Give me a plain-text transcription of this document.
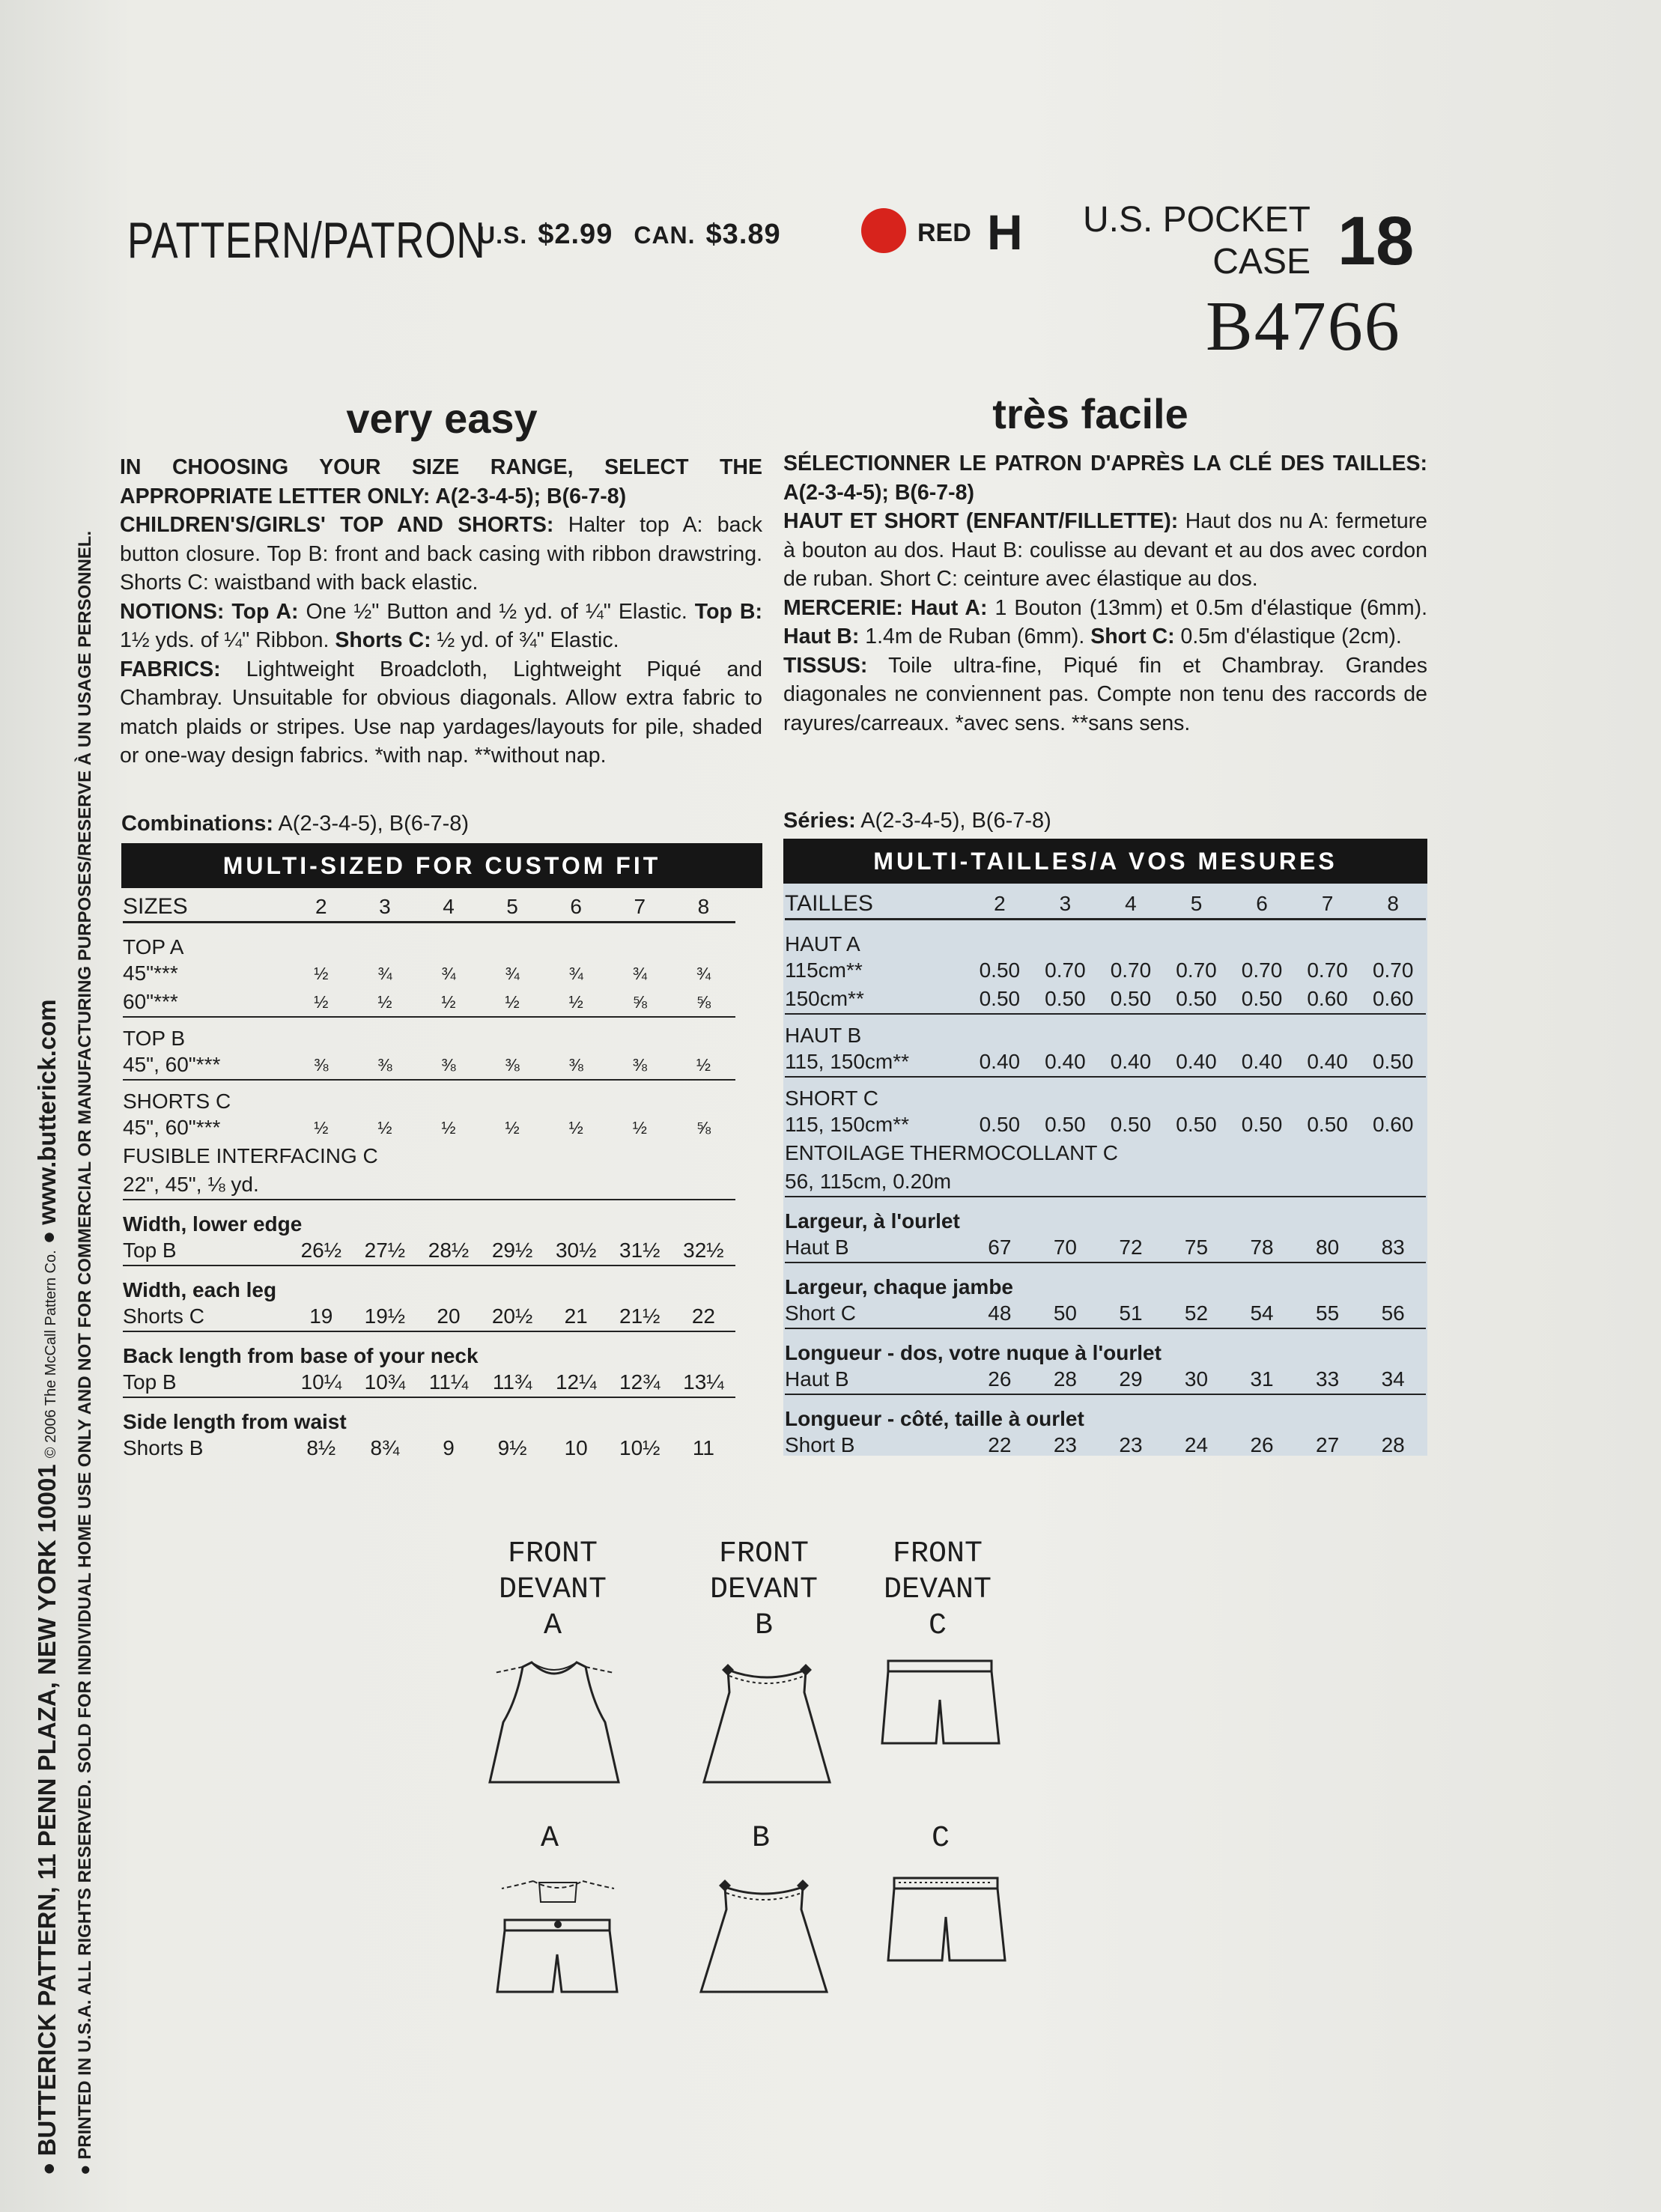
● BUTTERICK PATTERN, 11 PENN PLAZA, NEW YORK 10001 © 2006 The McCall Pattern Co. ● www.butterick.com
● PRINTED IN U.S.A. ALL RIGHTS RESERVED. SOLD FOR INDIVIDUAL HOME USE ONLY AND NOT FOR COMMERCIAL OR MANUFACTURING PURPOSES/RESERVE À UN USAGE PERSONNEL.
PATTERN/PATRON
U.S. $2.99 CAN. $3.89	RED H	U.S. POCKET
CASE 18
B4766
very easy
IN CHOOSING YOUR SIZE RANGE, SELECT THE APPROPRIATE LETTER ONLY: A(2-3-4-5); B(6-7-8)
CHILDREN'S/GIRLS' TOP AND SHORTS: Halter top A: back button closure. Top B: front and back casing with ribbon drawstring. Shorts C: waistband with back elastic.
NOTIONS: Top A: One ½" Button and ½ yd. of ¼" Elastic. Top B: 1½ yds. of ¼" Ribbon. Shorts C: ½ yd. of ¾" Elastic.
FABRICS: Lightweight Broadcloth, Lightweight Piqué and Chambray. Unsuitable for obvious diagonals. Allow extra fabric to match plaids or stripes. Use nap yardages/layouts for pile, shaded or one-way design fabrics. *with nap. **without nap.
Combinations: A(2-3-4-5), B(6-7-8)
MULTI-SIZED FOR CUSTOM FIT
SIZES	2	3	4	5	6	7	8
TOP A							
45"***	½	¾	¾	¾	¾	¾	¾
60"***	½	½	½	½	½	⅝	⅝
TOP B							
45", 60"***	⅜	⅜	⅜	⅜	⅜	⅜	½
SHORTS C							
45", 60"***	½	½	½	½	½	½	⅝
FUSIBLE INTERFACING C							
22", 45", ⅛ yd.							
Width, lower edge							
Top B	26½	27½	28½	29½	30½	31½	32½
Width, each leg							
Shorts C	19	19½	20	20½	21	21½	22
Back length from base of your neck							
Top B	10¼	10¾	11¼	11¾	12¼	12¾	13¼
Side length from waist							
Shorts B	8½	8¾	9	9½	10	10½	11
très facile
SÉLECTIONNER LE PATRON D'APRÈS LA CLÉ DES TAILLES: A(2-3-4-5); B(6-7-8)
HAUT ET SHORT (ENFANT/FILLETTE): Haut dos nu A: fermeture à bouton au dos. Haut B: coulisse au devant et au dos avec cordon de ruban. Short C: ceinture avec élastique au dos.
MERCERIE: Haut A: 1 Bouton (13mm) et 0.5m d'élastique (6mm). Haut B: 1.4m de Ruban (6mm). Short C: 0.5m d'élastique (2cm).
TISSUS: Toile ultra-fine, Piqué fin et Chambray. Grandes diagonales ne conviennent pas. Compte non tenu des raccords de rayures/carreaux. *avec sens. **sans sens.
Séries: A(2-3-4-5), B(6-7-8)
MULTI-TAILLES/A VOS MESURES
TAILLES	2	3	4	5	6	7	8
HAUT A							
115cm**	0.50	0.70	0.70	0.70	0.70	0.70	0.70
150cm**	0.50	0.50	0.50	0.50	0.50	0.60	0.60
HAUT B							
115, 150cm**	0.40	0.40	0.40	0.40	0.40	0.40	0.50
SHORT C							
115, 150cm**	0.50	0.50	0.50	0.50	0.50	0.50	0.60
ENTOILAGE THERMOCOLLANT C							
56, 115cm, 0.20m							
Largeur, à l'ourlet							
Haut B	67	70	72	75	78	80	83
Largeur, chaque jambe							
Short C	48	50	51	52	54	55	56
Longueur - dos, votre nuque à l'ourlet							
Haut B	26	28	29	30	31	33	34
Longueur - côté, taille à ourlet							
Short B	22	23	23	24	26	27	28
FRONT
DEVANT
A
FRONT
DEVANT
B
FRONT
DEVANT
C
A	B	C
